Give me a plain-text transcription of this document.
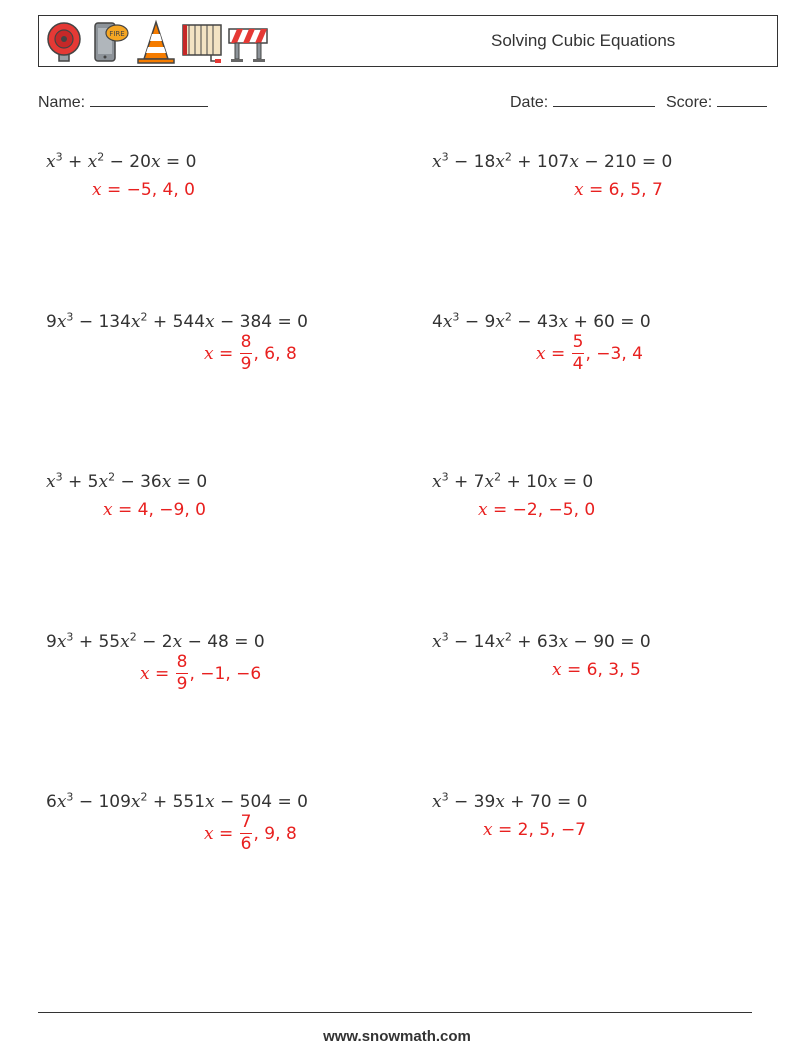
FIRE	Solving Cubic Equations
Name:	Date:	Score:
$x^3 + x^2 - 20x = 0$
x = −5 , 4 , 0
$x^3 - 18x^2 + 107x - 210 = 0$
x = 6 , 5 , 7
$9x^3 - 134x^2 + 544x - 384 = 0$
$x = \frac{8}{9}$ , 6 , 8
$4x^3 - 9x^2 - 43x + 60 = 0$
$x = \frac{5}{4}$ , −3 , 4
$x^3 + 5x^2 - 36x = 0$
x = 4 , −9 , 0
$x^3 + 7x^2 + 10x = 0$
x = −2 , −5 , 0
$9x^3 + 55x^2 - 2x - 48 = 0$
$x = \frac{8}{9}$ , −1 , −6
$x^3 - 14x^2 + 63x - 90 = 0$
x = 6 , 3 , 5
$6x^3 - 109x^2 + 551x - 504 = 0$
$x = \frac{7}{6}$ , 9 , 8
$x^3 - 39x + 70 = 0$
x = 2 , 5 , −7
www.snowmath.com
